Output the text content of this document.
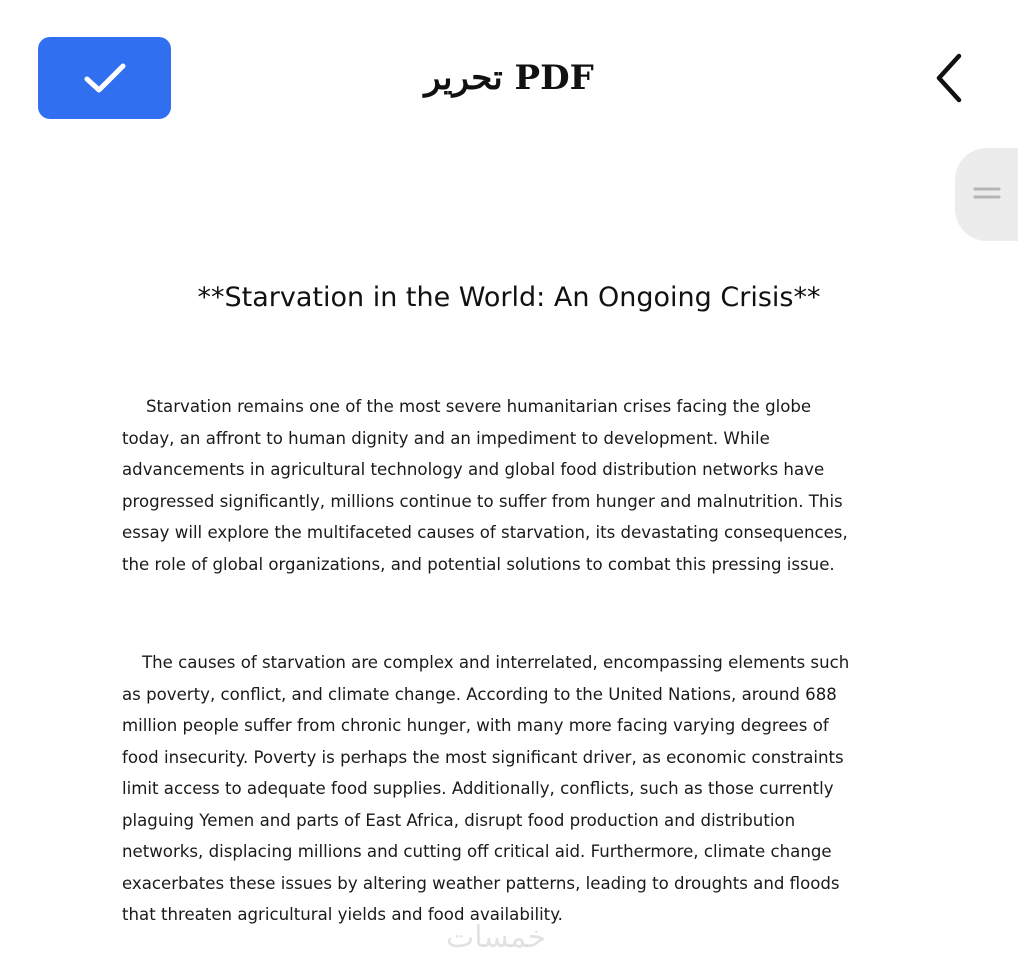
تحرير PDF
**Starvation in the World: An Ongoing Crisis**

Starvation remains one of the most severe humanitarian crises facing the globe
today, an affront to human dignity and an impediment to development. While
advancements in agricultural technology and global food distribution networks have
progressed significantly, millions continue to suffer from hunger and malnutrition. This
essay will explore the multifaceted causes of starvation, its devastating consequences,
the role of global organizations, and potential solutions to combat this pressing issue.

The causes of starvation are complex and interrelated, encompassing elements such
as poverty, conflict, and climate change. According to the United Nations, around 688
million people suffer from chronic hunger, with many more facing varying degrees of
food insecurity. Poverty is perhaps the most significant driver, as economic constraints
limit access to adequate food supplies. Additionally, conflicts, such as those currently
plaguing Yemen and parts of East Africa, disrupt food production and distribution
networks, displacing millions and cutting off critical aid. Furthermore, climate change
exacerbates these issues by altering weather patterns, leading to droughts and floods
that threaten agricultural yields and food availability.

خمسات
